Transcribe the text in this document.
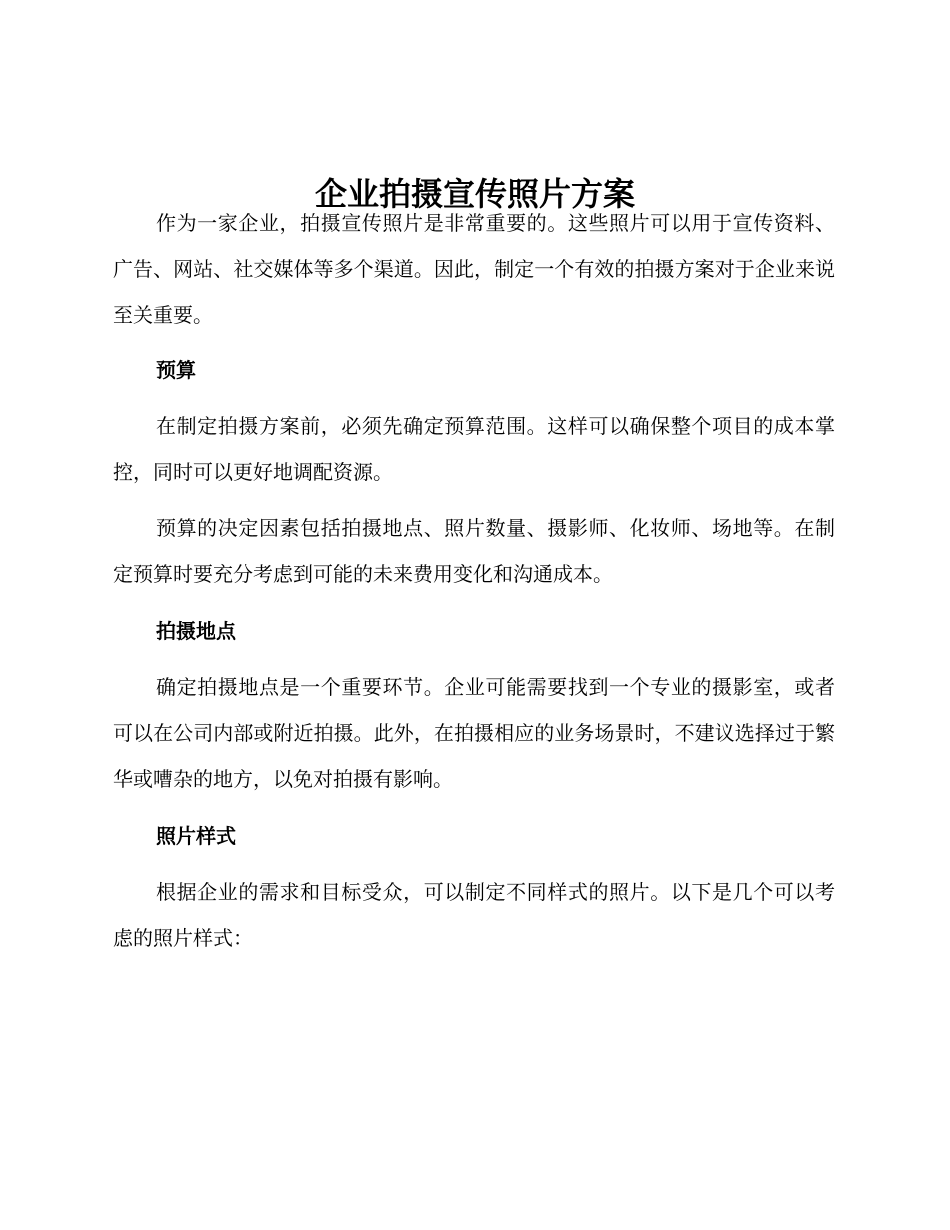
企业拍摄宣传照片方案

作为一家企业，拍摄宣传照片是非常重要的。这些照片可以用于宣传资料、广告、网站、社交媒体等多个渠道。因此，制定一个有效的拍摄方案对于企业来说至关重要。

预算

在制定拍摄方案前，必须先确定预算范围。这样可以确保整个项目的成本掌控，同时可以更好地调配资源。

预算的决定因素包括拍摄地点、照片数量、摄影师、化妆师、场地等。在制定预算时要充分考虑到可能的未来费用变化和沟通成本。

拍摄地点

确定拍摄地点是一个重要环节。企业可能需要找到一个专业的摄影室，或者可以在公司内部或附近拍摄。此外，在拍摄相应的业务场景时，不建议选择过于繁华或嘈杂的地方，以免对拍摄有影响。

照片样式

根据企业的需求和目标受众，可以制定不同样式的照片。以下是几个可以考虑的照片样式：
